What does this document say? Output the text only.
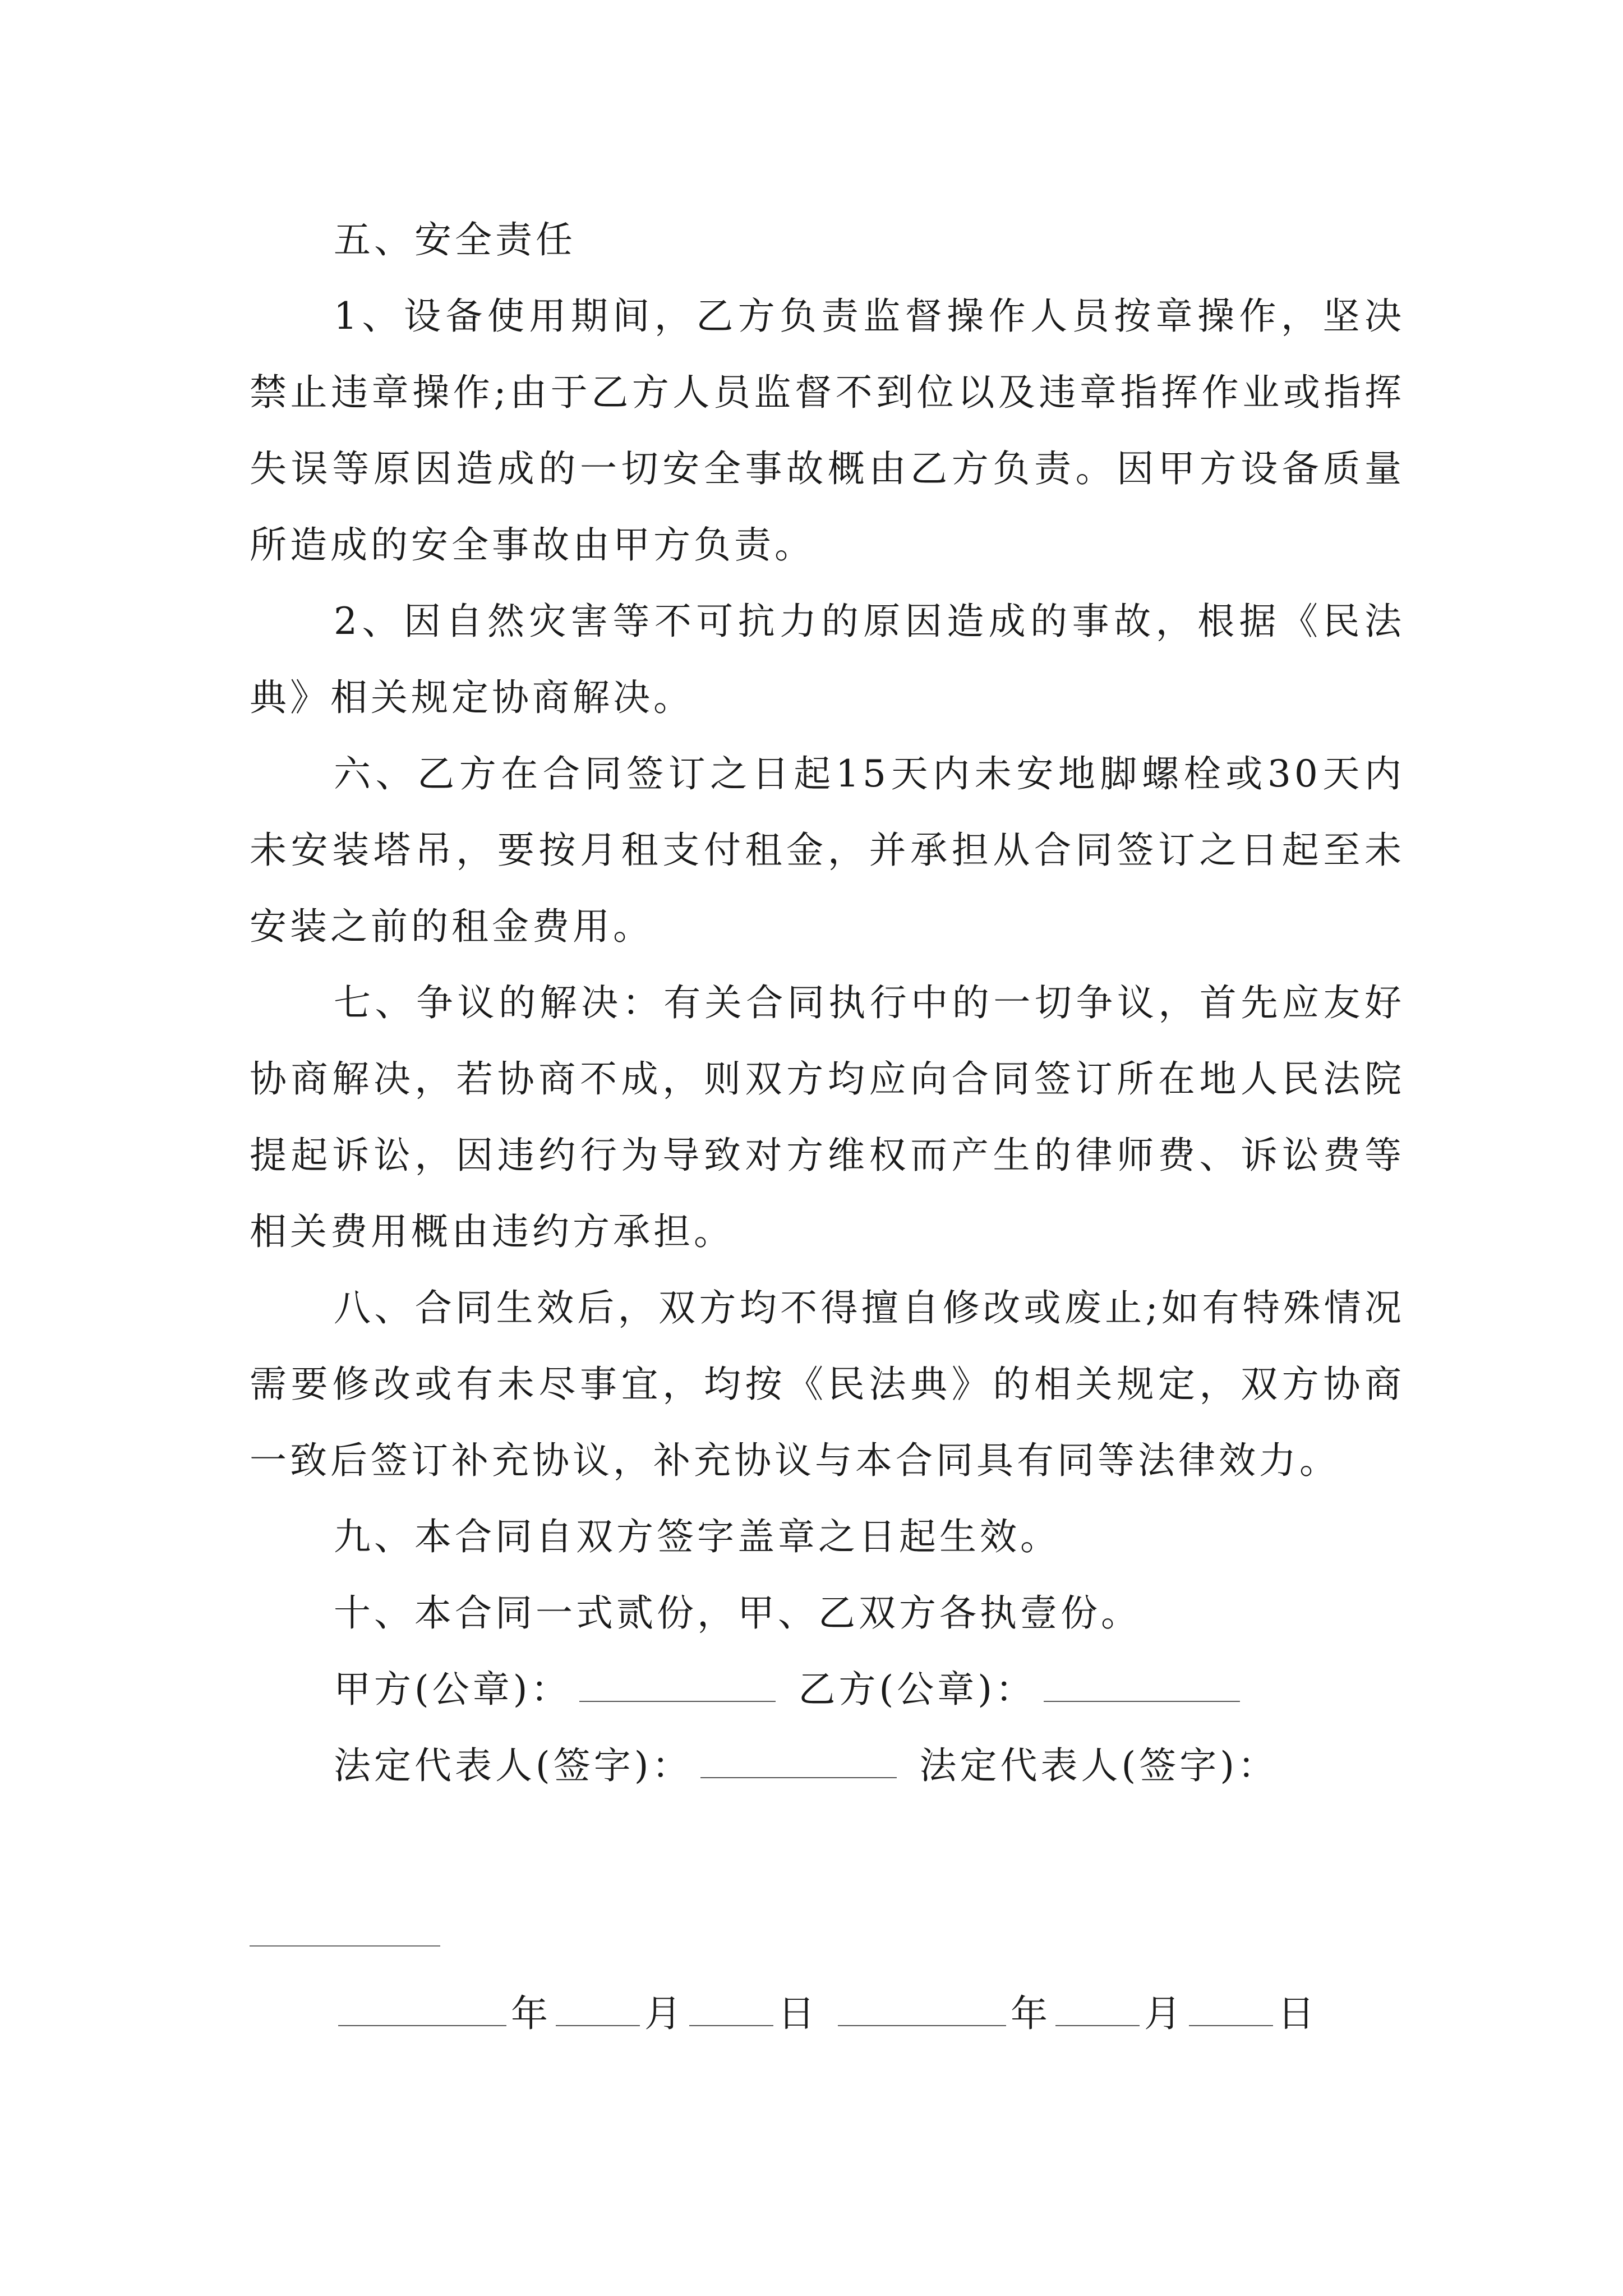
五、安全责任

1、设备使用期间，乙方负责监督操作人员按章操作，坚决禁止违章操作;由于乙方人员监督不到位以及违章指挥作业或指挥失误等原因造成的一切安全事故概由乙方负责。因甲方设备质量所造成的安全事故由甲方负责。

2、因自然灾害等不可抗力的原因造成的事故，根据《民法典》相关规定协商解决。

六、乙方在合同签订之日起15天内未安地脚螺栓或30天内未安装塔吊，要按月租支付租金，并承担从合同签订之日起至未安装之前的租金费用。

七、争议的解决：有关合同执行中的一切争议，首先应友好协商解决，若协商不成，则双方均应向合同签订所在地人民法院提起诉讼，因违约行为导致对方维权而产生的律师费、诉讼费等相关费用概由违约方承担。

八、合同生效后，双方均不得擅自修改或废止;如有特殊情况需要修改或有未尽事宜，均按《民法典》的相关规定，双方协商一致后签订补充协议，补充协议与本合同具有同等法律效力。

九、本合同自双方签字盖章之日起生效。

十、本合同一式贰份，甲、乙双方各执壹份。

甲方(公章)：	乙方(公章)：
法定代表人(签字)：	法定代表人(签字)：
年	月	日	年	月	日
